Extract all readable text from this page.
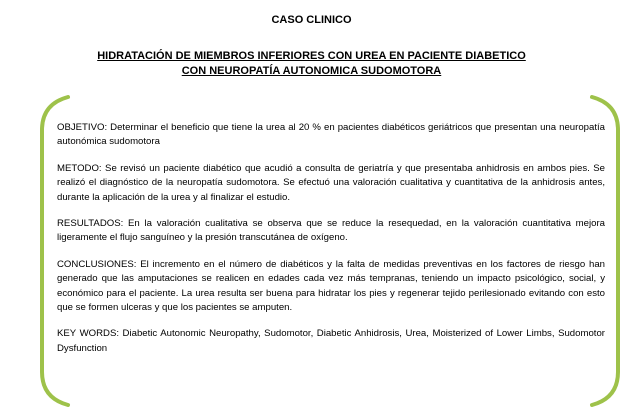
CASO CLINICO
HIDRATACIÓN DE MIEMBROS INFERIORES CON UREA EN PACIENTE DIABETICO
CON NEUROPATÍA AUTONOMICA SUDOMOTORA

OBJETIVO: Determinar el beneficio que tiene la urea al 20 % en pacientes diabéticos geriátricos que presentan una neuropatía autonómica sudomotora

METODO: Se revisó un paciente diabético que acudió a consulta de geriatría y que presentaba anhidrosis en ambos pies. Se realizó el diagnóstico de la neuropatía sudomotora. Se efectuó una valoración cualitativa y cuantitativa de la anhidrosis antes, durante la aplicación de la urea y al finalizar el estudio.

RESULTADOS: En la valoración cualitativa se observa que se reduce la resequedad, en la valoración cuantitativa mejora ligeramente el flujo sanguíneo y la presión transcutánea de oxígeno.

CONCLUSIONES: El incremento en el número de diabéticos y la falta de medidas preventivas en los factores de riesgo han generado que las amputaciones se realicen en edades cada vez más tempranas, teniendo un impacto psicológico, social, y económico para el paciente. La urea resulta ser buena para hidratar los pies y regenerar tejido perilesionado evitando con esto que se formen ulceras y que los pacientes se amputen.

KEY WORDS: Diabetic Autonomic Neuropathy, Sudomotor, Diabetic Anhidrosis, Urea, Moisterized of Lower Limbs, Sudomotor Dysfunction
